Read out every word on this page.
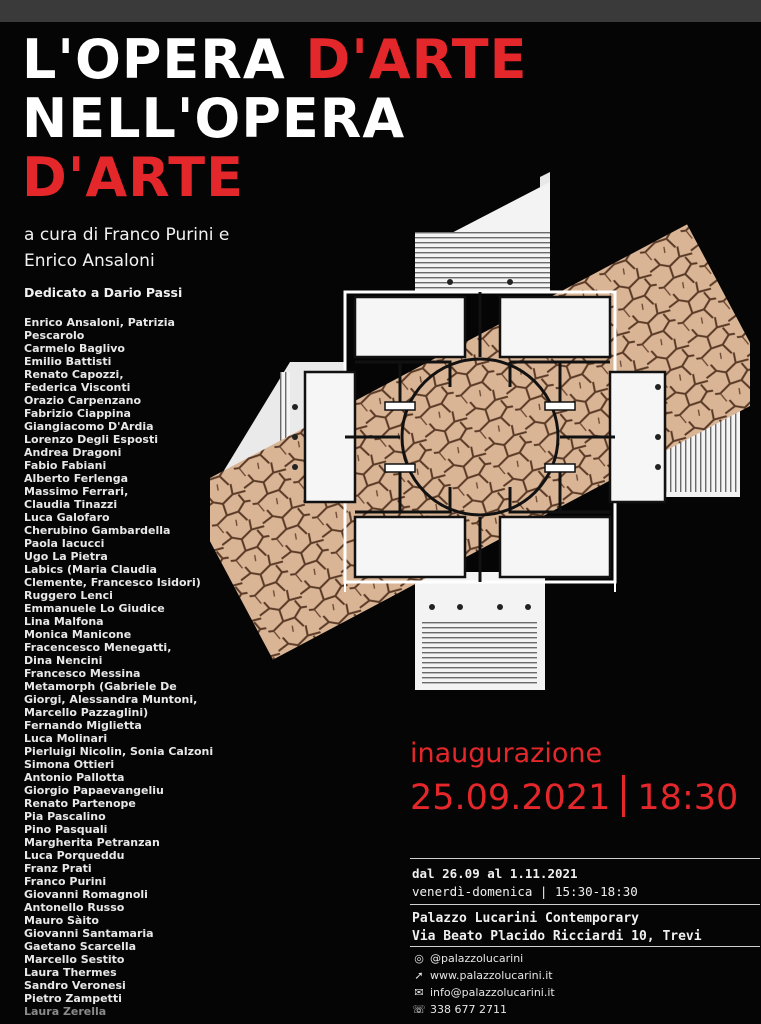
L'OPERA D'ARTE
NELL'OPERA
D'ARTE
a cura di Franco Purini e
Enrico Ansaloni
Dedicato a Dario Passi
Enrico Ansaloni, Patrizia
Pescarolo
Carmelo Baglivo
Emilio Battisti
Renato Capozzi,
Federica Visconti
Orazio Carpenzano
Fabrizio Ciappina
Giangiacomo D'Ardia
Lorenzo Degli Esposti
Andrea Dragoni
Fabio Fabiani
Alberto Ferlenga
Massimo Ferrari,
Claudia Tinazzi
Luca Galofaro
Cherubino Gambardella
Paola Iacucci
Ugo La Pietra
Labics (Maria Claudia
Clemente, Francesco Isidori)
Ruggero Lenci
Emmanuele Lo Giudice
Lina Malfona
Monica Manicone
Fracencesco Menegatti,
Dina Nencini
Francesco Messina
Metamorph (Gabriele De
Giorgi, Alessandra Muntoni,
Marcello Pazzaglini)
Fernando Miglietta
Luca Molinari
Pierluigi Nicolin, Sonia Calzoni
Simona Ottieri
Antonio Pallotta
Giorgio Papaevangeliu
Renato Partenope
Pia Pascalino
Pino Pasquali
Margherita Petranzan
Luca Porqueddu
Franz Prati
Franco Purini
Giovanni Romagnoli
Antonello Russo
Mauro Sàito
Giovanni Santamaria
Gaetano Scarcella
Marcello Sestito
Laura Thermes
Sandro Veronesi
Pietro Zampetti
Laura Zerella
inaugurazione
25.09.2021 18:30
dal 26.09 al 1.11.2021
venerdì-domenica | 15:30-18:30
Palazzo Lucarini Contemporary
Via Beato Placido Ricciardi 10, Trevi
◎ @palazzolucarini
➚ www.palazzolucarini.it
✉ info@palazzolucarini.it
☏ 338 677 2711
